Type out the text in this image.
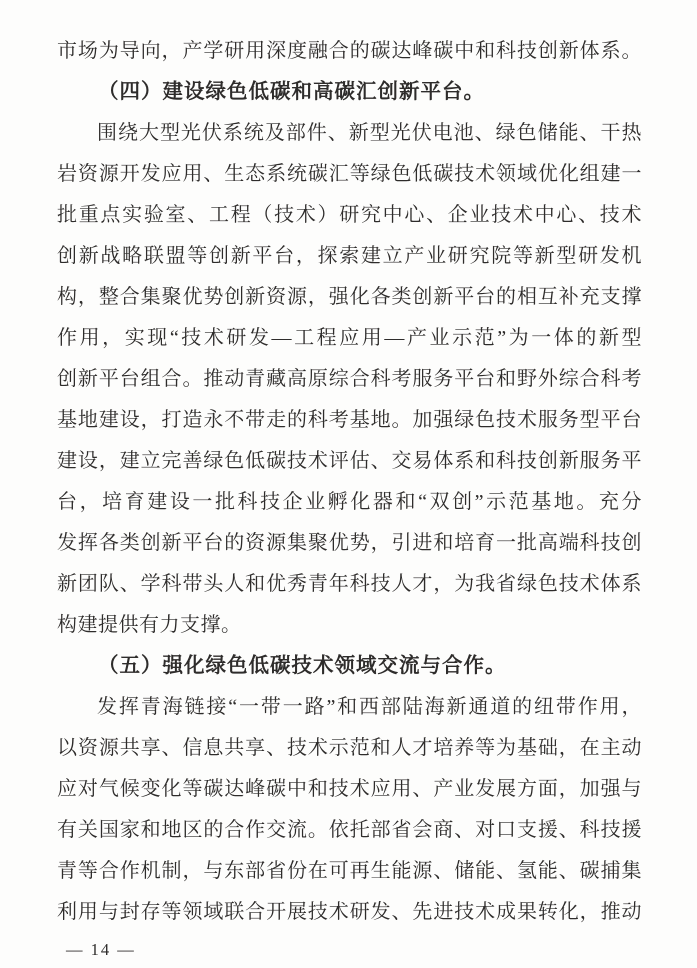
市场为导向，产学研用深度融合的碳达峰碳中和科技创新体系。
（四）建设绿色低碳和高碳汇创新平台。
围绕大型光伏系统及部件、新型光伏电池、绿色储能、干热
岩资源开发应用、生态系统碳汇等绿色低碳技术领域优化组建一
批重点实验室、工程（技术）研究中心、企业技术中心、技术
创新战略联盟等创新平台，探索建立产业研究院等新型研发机
构，整合集聚优势创新资源，强化各类创新平台的相互补充支撑
作用，实现“技术研发—工程应用—产业示范”为一体的新型
创新平台组合。推动青藏高原综合科考服务平台和野外综合科考
基地建设，打造永不带走的科考基地。加强绿色技术服务型平台
建设，建立完善绿色低碳技术评估、交易体系和科技创新服务平
台，培育建设一批科技企业孵化器和“双创”示范基地。充分
发挥各类创新平台的资源集聚优势，引进和培育一批高端科技创
新团队、学科带头人和优秀青年科技人才，为我省绿色技术体系
构建提供有力支撑。
（五）强化绿色低碳技术领域交流与合作。
发挥青海链接“一带一路”和西部陆海新通道的纽带作用，
以资源共享、信息共享、技术示范和人才培养等为基础，在主动
应对气候变化等碳达峰碳中和技术应用、产业发展方面，加强与
有关国家和地区的合作交流。依托部省会商、对口支援、科技援
青等合作机制，与东部省份在可再生能源、储能、氢能、碳捕集
利用与封存等领域联合开展技术研发、先进技术成果转化，推动
— 14 —
